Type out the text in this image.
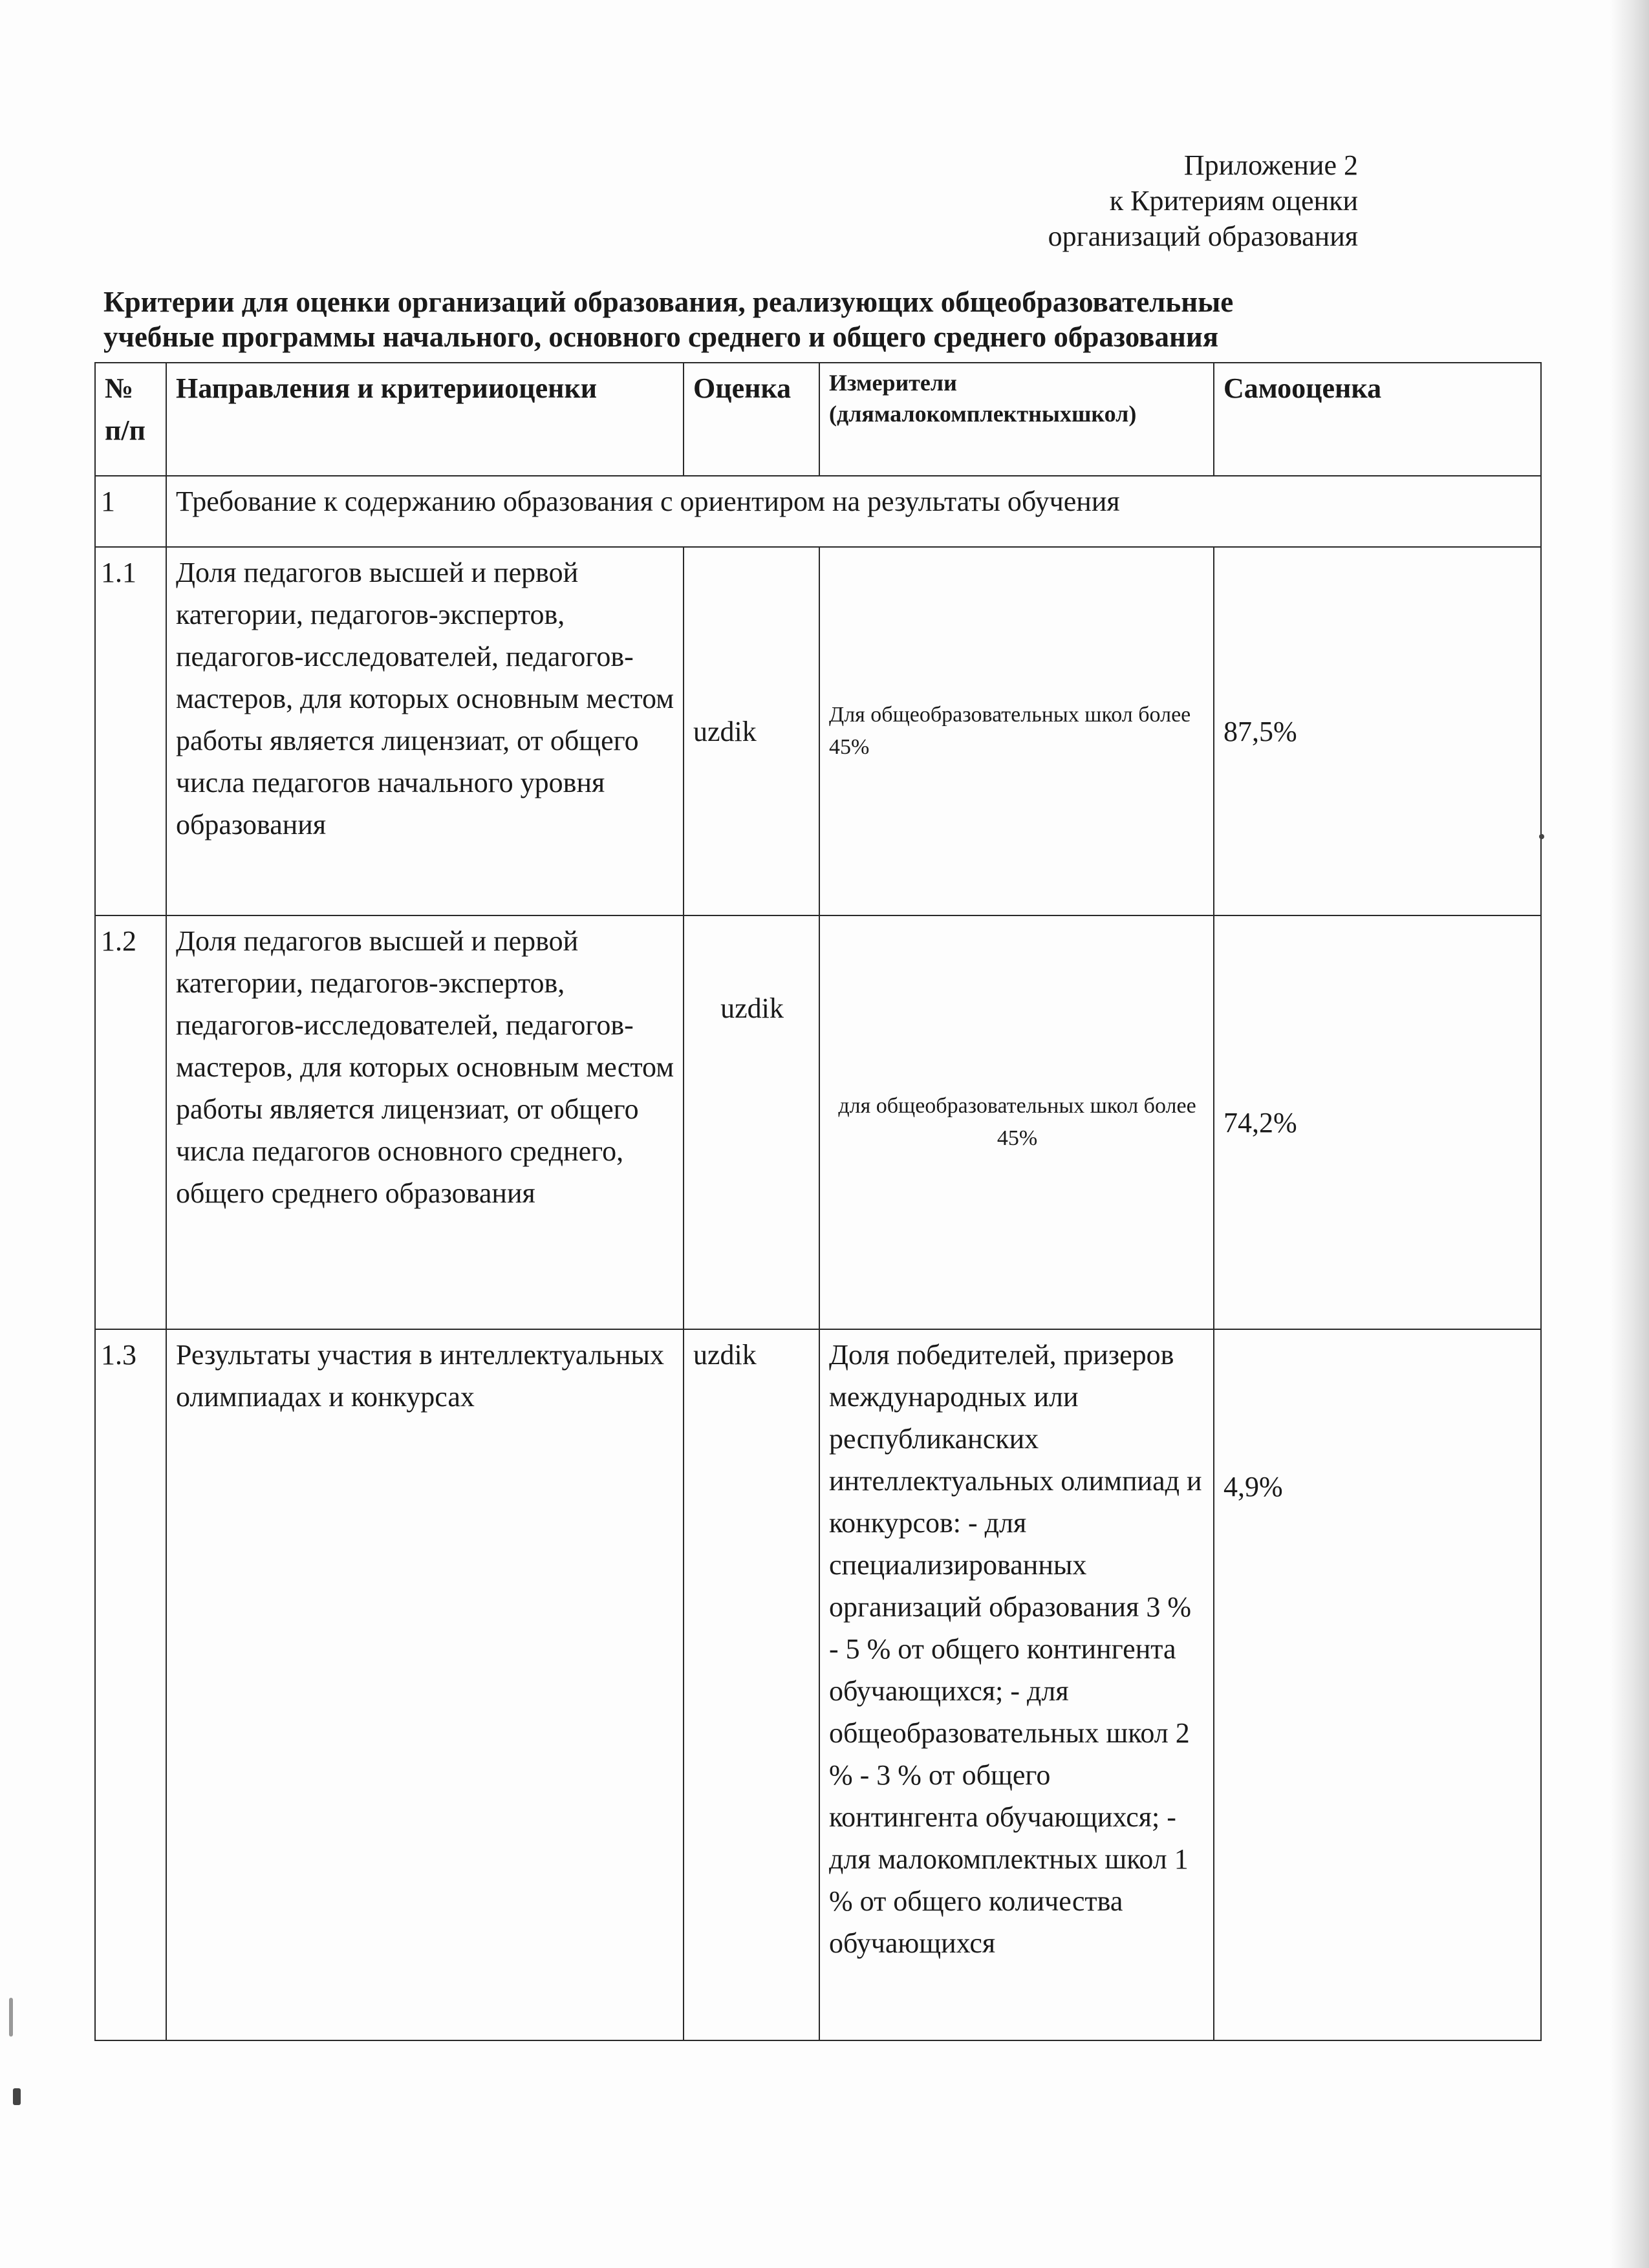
Приложение 2
к Критериям оценки
организаций образования
Критерии для оценки организаций образования, реализующих общеобразовательные
учебные программы начального, основного среднего и общего среднего образования
№ п/п	Направления и критерииоценки	Оценка	Измерители (длямалокомплектныхшкол)	Самооценка
1	Требование к содержанию образования с ориентиром на результаты обучения			
1.1	Доля педагогов высшей и первой категории, педагогов-экспертов, педагогов-исследователей, педагогов-мастеров, для которых основным местом работы является лицензиат, от общего числа педагогов начального уровня образования	uzdik	Для общеобразовательных школ более 45%	87,5%
1.2	Доля педагогов высшей и первой категории, педагогов-экспертов, педагогов-исследователей, педагогов-мастеров, для которых основным местом работы является лицензиат, от общего числа педагогов основного среднего, общего среднего образования	uzdik	для общеобразовательных школ более 45%	74,2%
1.3	Результаты участия в интеллектуальных олимпиадах и конкурсах	uzdik	Доля победителей, призеров международных или республиканских интеллектуальных олимпиад и конкурсов: - для специализированных организаций образования 3 % - 5 % от общего контингента обучающихся; - для общеобразовательных школ 2 % - 3 % от общего контингента обучающихся; - для малокомплектных школ 1 % от общего количества обучающихся	4,9%
